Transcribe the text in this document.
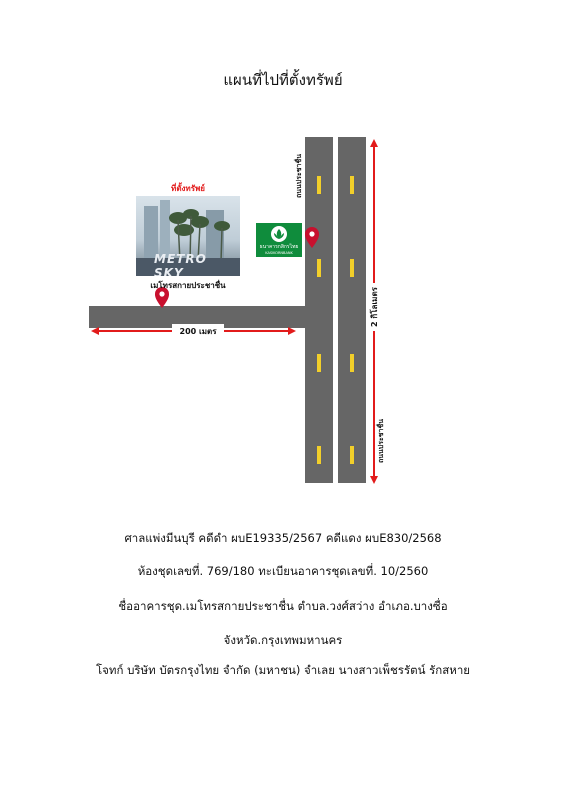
แผนที่ไปที่ตั้งทรัพย์
200 เมตร
2 กิโลเมตร
ถนนประชาชื่น
ถนนประชาชื่น
ที่ตั้งทรัพย์
METRO SKY
เมโทรสกายประชาชื่น
ธนาคารกสิกรไทย
KASIKORNBANK
ศาลแพ่งมีนบุรี คดีดำ ผบE19335/2567 คดีแดง ผบE830/2568
ห้องชุดเลขที่. 769/180 ทะเบียนอาคารชุดเลขที่. 10/2560
ชื่ออาคารชุด.เมโทรสกายประชาชื่น ตำบล.วงศ์สว่าง อำเภอ.บางซื่อ
จังหวัด.กรุงเทพมหานคร
โจทก์ บริษัท บัตรกรุงไทย จำกัด (มหาชน) จำเลย นางสาวเพ็ชรรัตน์ รักสหาย
